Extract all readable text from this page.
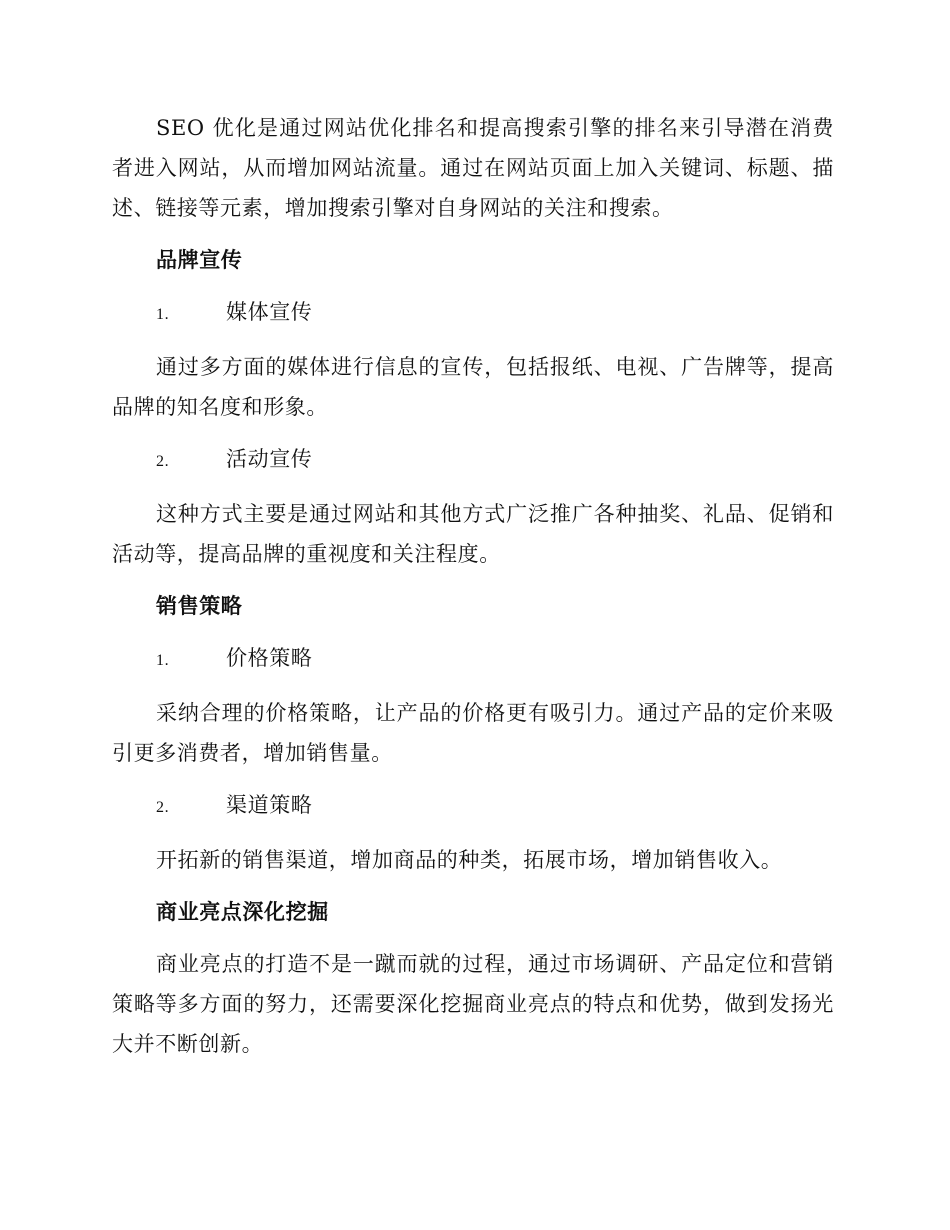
SEO 优化是通过网站优化排名和提高搜索引擎的排名来引导潜在消费者进入网站，从而增加网站流量。通过在网站页面上加入关键词、标题、描述、链接等元素，增加搜索引擎对自身网站的关注和搜索。

品牌宣传
1.	媒体宣传

通过多方面的媒体进行信息的宣传，包括报纸、电视、广告牌等，提高品牌的知名度和形象。

2.	活动宣传

这种方式主要是通过网站和其他方式广泛推广各种抽奖、礼品、促销和活动等，提高品牌的重视度和关注程度。

销售策略
1.	价格策略

采纳合理的价格策略，让产品的价格更有吸引力。通过产品的定价来吸引更多消费者，增加销售量。

2.	渠道策略

开拓新的销售渠道，增加商品的种类，拓展市场，增加销售收入。

商业亮点深化挖掘

商业亮点的打造不是一蹴而就的过程，通过市场调研、产品定位和营销策略等多方面的努力，还需要深化挖掘商业亮点的特点和优势，做到发扬光大并不断创新。
